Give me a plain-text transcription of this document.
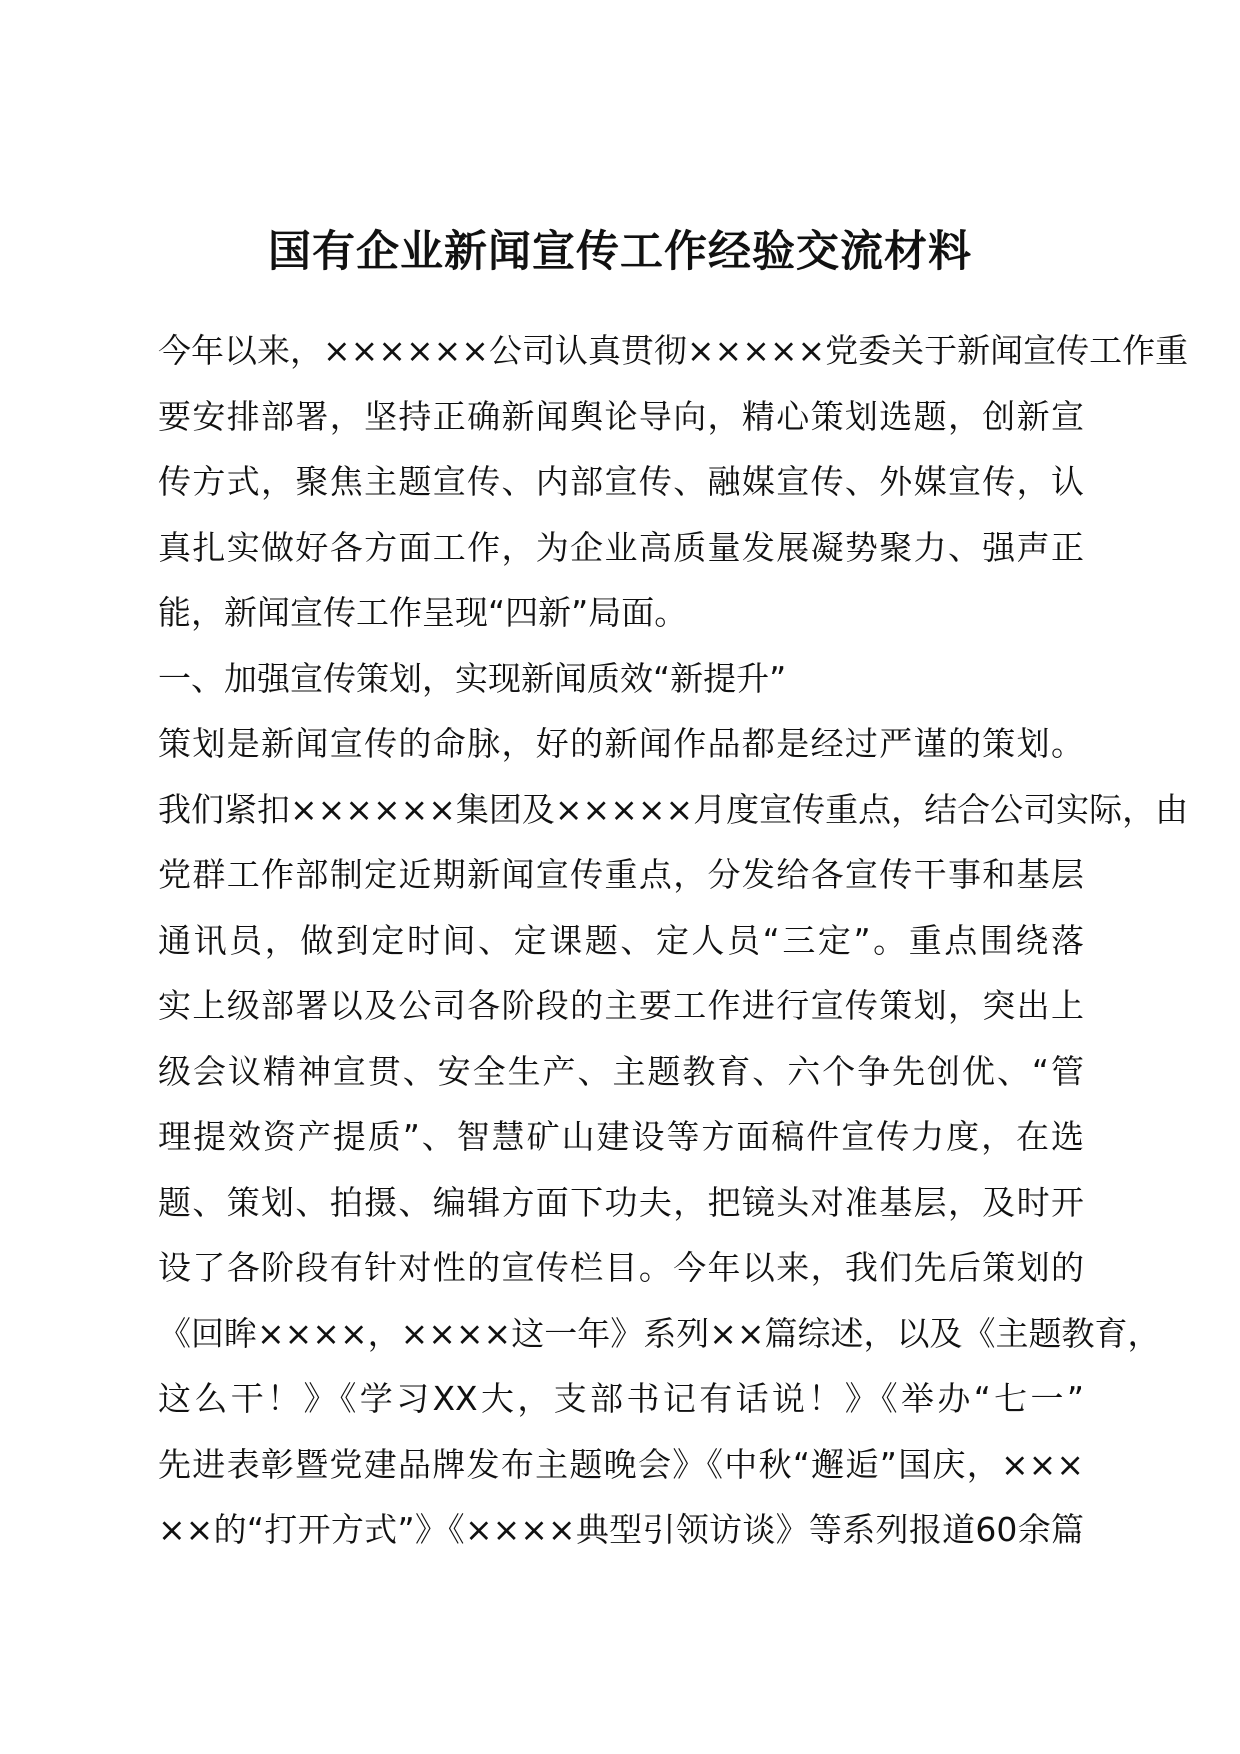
国有企业新闻宣传工作经验交流材料
今年以来，××××××公司认真贯彻×××××党委关于新闻宣传工作重
要安排部署，坚持正确新闻舆论导向，精心策划选题，创新宣
传方式，聚焦主题宣传、内部宣传、融媒宣传、外媒宣传，认
真扎实做好各方面工作，为企业高质量发展凝势聚力、强声正
能，新闻宣传工作呈现“四新”局面。
一、加强宣传策划，实现新闻质效“新提升”
策划是新闻宣传的命脉，好的新闻作品都是经过严谨的策划。
我们紧扣××××××集团及×××××月度宣传重点，结合公司实际，由
党群工作部制定近期新闻宣传重点，分发给各宣传干事和基层
通讯员，做到定时间、定课题、定人员“三定”。重点围绕落
实上级部署以及公司各阶段的主要工作进行宣传策划，突出上
级会议精神宣贯、安全生产、主题教育、六个争先创优、“管
理提效资产提质”、智慧矿山建设等方面稿件宣传力度，在选
题、策划、拍摄、编辑方面下功夫，把镜头对准基层，及时开
设了各阶段有针对性的宣传栏目。今年以来，我们先后策划的
《回眸××××，××××这一年》系列××篇综述，以及《主题教育，
这么干！》《学习XX大，支部书记有话说！》《举办“七一”
先进表彰暨党建品牌发布主题晚会》《中秋“邂逅”国庆，×××
××的“打开方式”》《××××典型引领访谈》等系列报道60余篇
